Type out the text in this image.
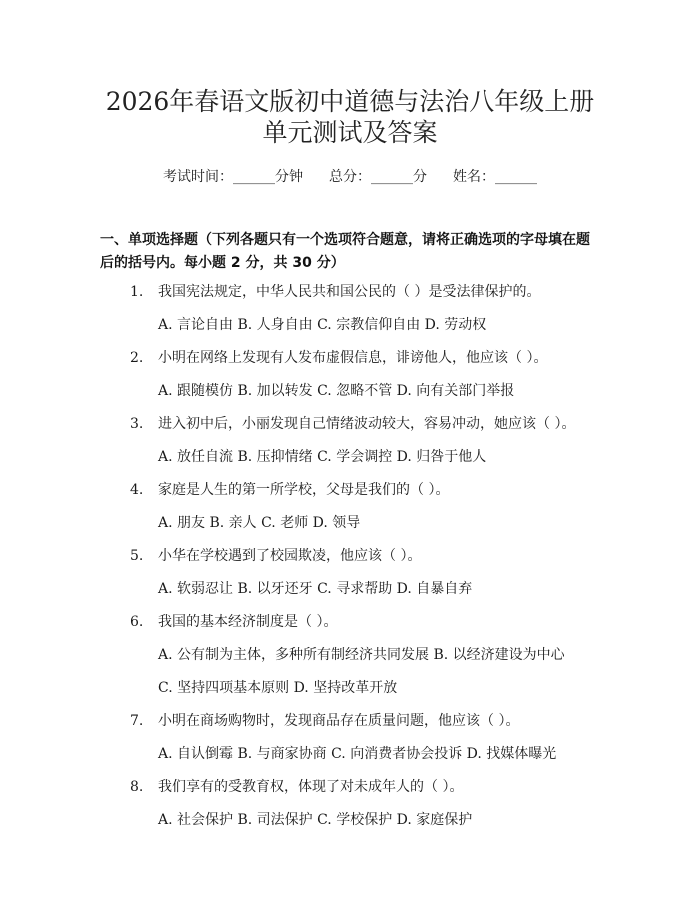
2026年春语文版初中道德与法治八年级上册
单元测试及答案
考试时间：______分钟 总分：______分 姓名：______
一、单项选择题（下列各题只有一个选项符合题意，请将正确选项的字母填在题后的括号内。每小题 2 分，共 30 分）
1. 我国宪法规定，中华人民共和国公民的（ ）是受法律保护的。
A. 言论自由 B. 人身自由 C. 宗教信仰自由 D. 劳动权
2. 小明在网络上发现有人发布虚假信息，诽谤他人，他应该（ ）。
A. 跟随模仿 B. 加以转发 C. 忽略不管 D. 向有关部门举报
3. 进入初中后，小丽发现自己情绪波动较大，容易冲动，她应该（ ）。
A. 放任自流 B. 压抑情绪 C. 学会调控 D. 归咎于他人
4. 家庭是人生的第一所学校，父母是我们的（ ）。
A. 朋友 B. 亲人 C. 老师 D. 领导
5. 小华在学校遇到了校园欺凌，他应该（ ）。
A. 软弱忍让 B. 以牙还牙 C. 寻求帮助 D. 自暴自弃
6. 我国的基本经济制度是（ ）。
A. 公有制为主体，多种所有制经济共同发展 B. 以经济建设为中心
C. 坚持四项基本原则 D. 坚持改革开放
7. 小明在商场购物时，发现商品存在质量问题，他应该（ ）。
A. 自认倒霉 B. 与商家协商 C. 向消费者协会投诉 D. 找媒体曝光
8. 我们享有的受教育权，体现了对未成年人的（ ）。
A. 社会保护 B. 司法保护 C. 学校保护 D. 家庭保护
